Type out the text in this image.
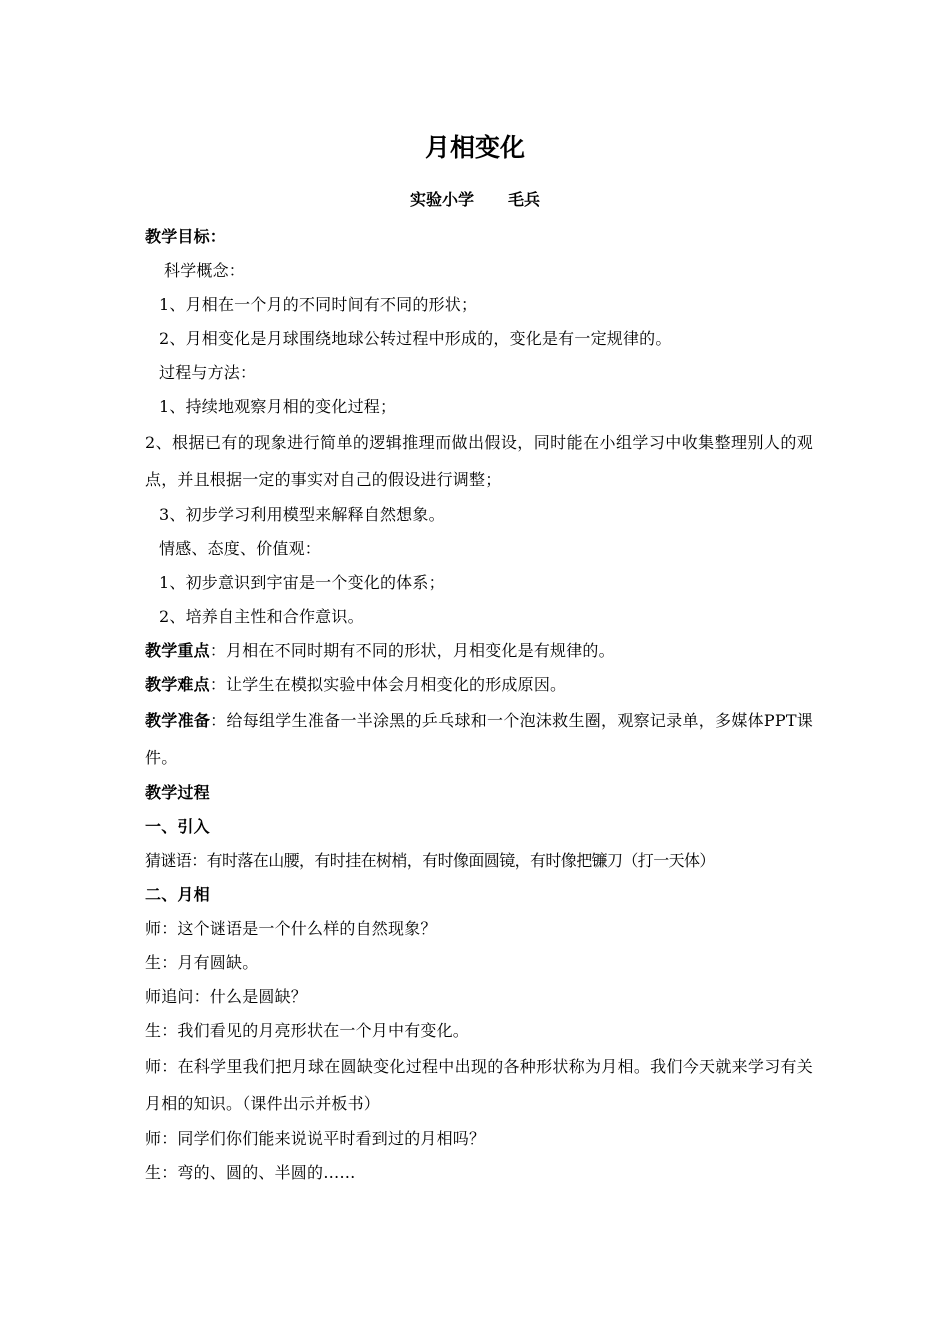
月相变化
实验小学 毛兵
教学目标：
科学概念：
1、月相在一个月的不同时间有不同的形状；
2、月相变化是月球围绕地球公转过程中形成的，变化是有一定规律的。
过程与方法：
1、持续地观察月相的变化过程；
2、根据已有的现象进行简单的逻辑推理而做出假设，同时能在小组学习中收集整理别人的观点，并且根据一定的事实对自己的假设进行调整；
3、初步学习利用模型来解释自然想象。
情感、态度、价值观：
1、初步意识到宇宙是一个变化的体系；
2、培养自主性和合作意识。
教学重点：月相在不同时期有不同的形状，月相变化是有规律的。
教学难点：让学生在模拟实验中体会月相变化的形成原因。
教学准备：给每组学生准备一半涂黑的乒乓球和一个泡沫救生圈，观察记录单，多媒体PPT课件。
教学过程
一、引入
猜谜语：有时落在山腰，有时挂在树梢，有时像面圆镜，有时像把镰刀（打一天体）
二、月相
师：这个谜语是一个什么样的自然现象？
生：月有圆缺。
师追问：什么是圆缺？
生：我们看见的月亮形状在一个月中有变化。
师：在科学里我们把月球在圆缺变化过程中出现的各种形状称为月相。我们今天就来学习有关月相的知识。（课件出示并板书）
师：同学们你们能来说说平时看到过的月相吗？
生：弯的、圆的、半圆的……
